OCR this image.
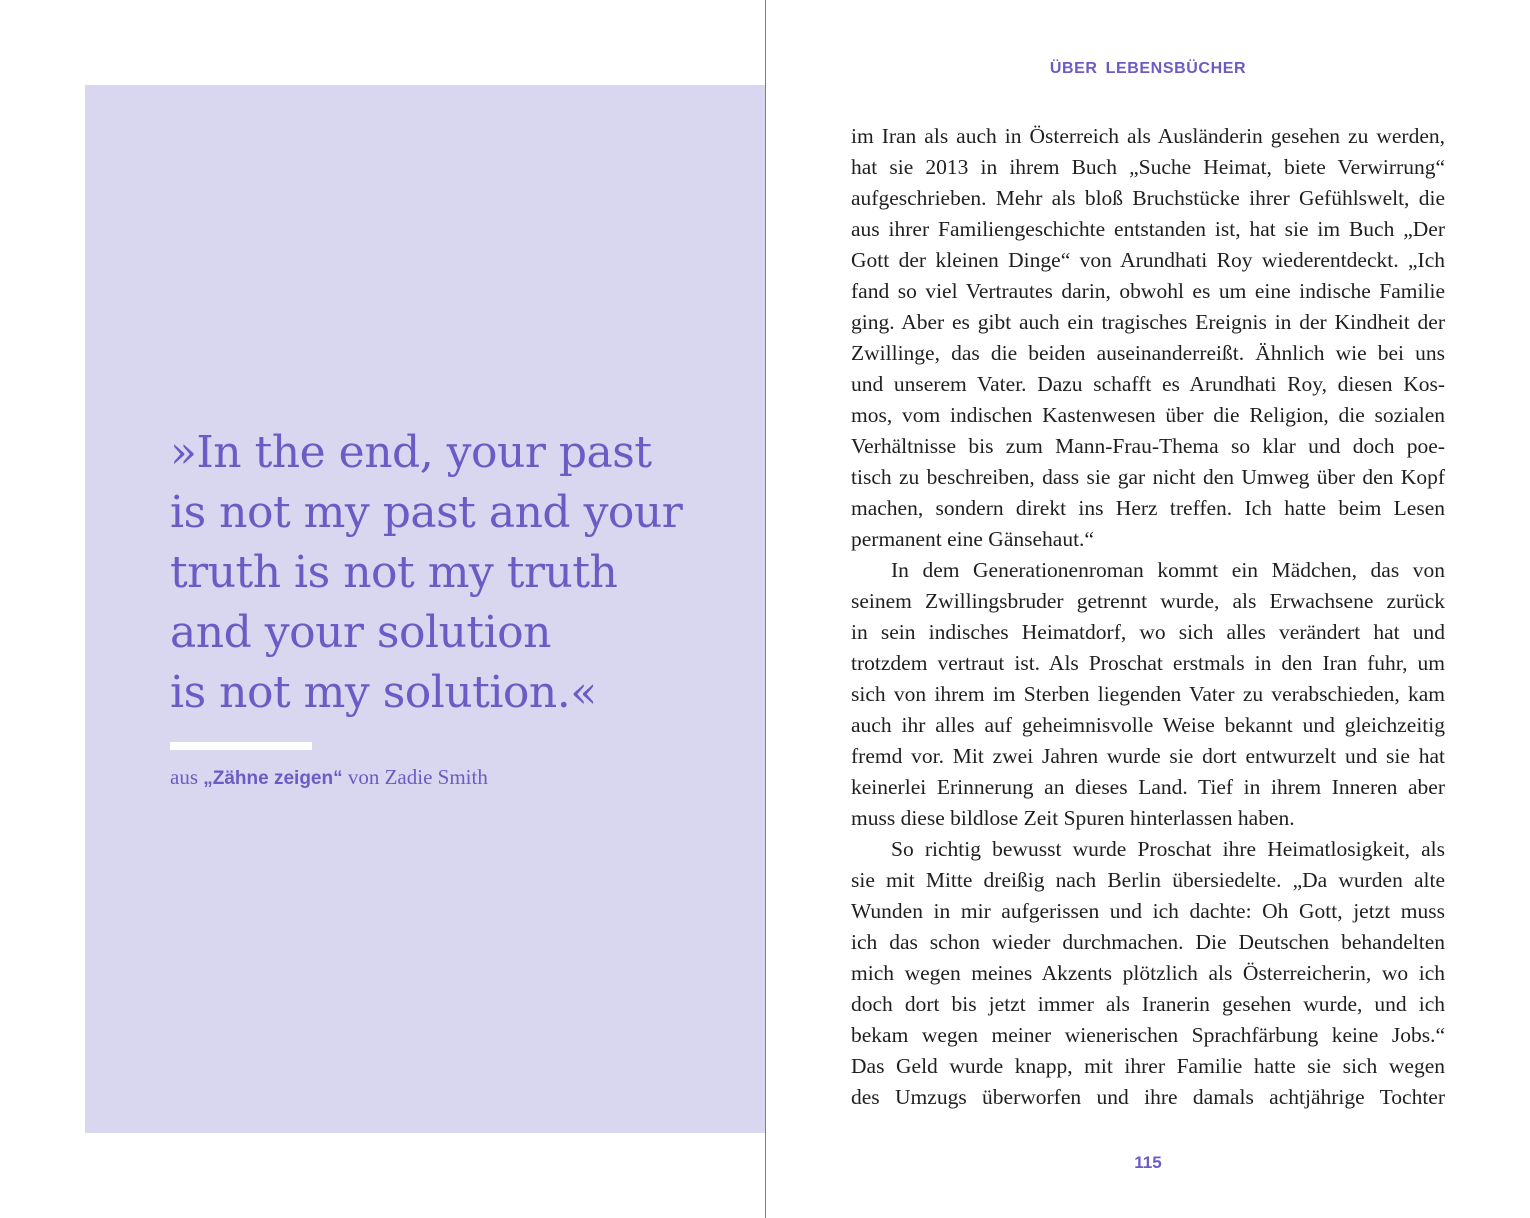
»In the end, your past
is not my past and your
truth is not my truth
and your solution
is not my solution.«
aus „Zähne zeigen“ von Zadie Smith
ÜBER LEBENSBÜCHER
im Iran als auch in Österreich als Ausländerin gesehen zu werden,
hat sie 2013 in ihrem Buch „Suche Heimat, biete Verwirrung“
aufgeschrieben. Mehr als bloß Bruchstücke ihrer Gefühlswelt, die
aus ihrer Familiengeschichte entstanden ist, hat sie im Buch „Der
Gott der kleinen Dinge“ von Arundhati Roy wiederentdeckt. „Ich
fand so viel Vertrautes darin, obwohl es um eine indische Familie
ging. Aber es gibt auch ein tragisches Ereignis in der Kindheit der
Zwillinge, das die beiden auseinanderreißt. Ähnlich wie bei uns
und unserem Vater. Dazu schafft es Arundhati Roy, diesen Kos-
mos, vom indischen Kastenwesen über die Religion, die sozialen
Verhältnisse bis zum Mann-Frau-Thema so klar und doch poe-
tisch zu beschreiben, dass sie gar nicht den Umweg über den Kopf
machen, sondern direkt ins Herz treffen. Ich hatte beim Lesen
permanent eine Gänsehaut.“
In dem Generationenroman kommt ein Mädchen, das von
seinem Zwillingsbruder getrennt wurde, als Erwachsene zurück
in sein indisches Heimatdorf, wo sich alles verändert hat und
trotzdem vertraut ist. Als Proschat erstmals in den Iran fuhr, um
sich von ihrem im Sterben liegenden Vater zu verabschieden, kam
auch ihr alles auf geheimnisvolle Weise bekannt und gleichzeitig
fremd vor. Mit zwei Jahren wurde sie dort entwurzelt und sie hat
keinerlei Erinnerung an dieses Land. Tief in ihrem Inneren aber
muss diese bildlose Zeit Spuren hinterlassen haben.
So richtig bewusst wurde Proschat ihre Heimatlosigkeit, als
sie mit Mitte dreißig nach Berlin übersiedelte. „Da wurden alte
Wunden in mir aufgerissen und ich dachte: Oh Gott, jetzt muss
ich das schon wieder durchmachen. Die Deutschen behandelten
mich wegen meines Akzents plötzlich als Österreicherin, wo ich
doch dort bis jetzt immer als Iranerin gesehen wurde, und ich
bekam wegen meiner wienerischen Sprachfärbung keine Jobs.“
Das Geld wurde knapp, mit ihrer Familie hatte sie sich wegen
des Umzugs überworfen und ihre damals achtjährige Tochter
115
